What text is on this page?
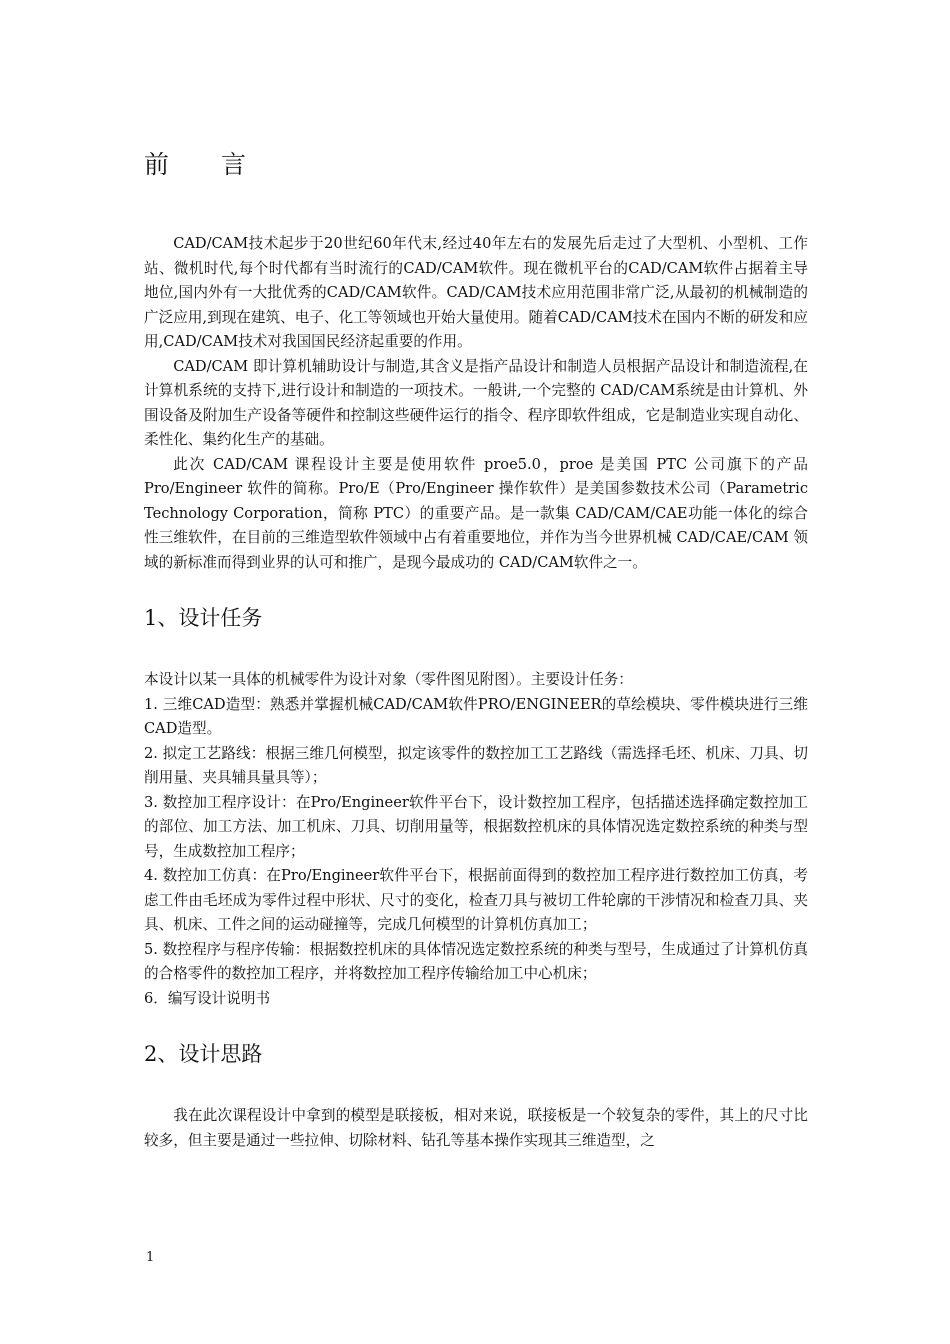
前 言

CAD/CAM技术起步于20世纪60年代末,经过40年左右的发展先后走过了大型机、小型机、工作站、微机时代,每个时代都有当时流行的CAD/CAM软件。现在微机平台的CAD/CAM软件占据着主导地位,国内外有一大批优秀的CAD/CAM软件。CAD/CAM技术应用范围非常广泛,从最初的机械制造的广泛应用,到现在建筑、电子、化工等领域也开始大量使用。随着CAD/CAM技术在国内不断的研发和应用,CAD/CAM技术对我国国民经济起重要的作用。

CAD/CAM 即计算机辅助设计与制造,其含义是指产品设计和制造人员根据产品设计和制造流程,在计算机系统的支持下,进行设计和制造的一项技术。一般讲,一个完整的 CAD/CAM系统是由计算机、外围设备及附加生产设备等硬件和控制这些硬件运行的指令、程序即软件组成，它是制造业实现自动化、柔性化、集约化生产的基础。

此次 CAD/CAM 课程设计主要是使用软件 proe5.0，proe 是美国 PTC 公司旗下的产品Pro/Engineer 软件的简称。Pro/E（Pro/Engineer 操作软件）是美国参数技术公司（Parametric Technology Corporation，简称 PTC）的重要产品。是一款集 CAD/CAM/CAE功能一体化的综合性三维软件，在目前的三维造型软件领域中占有着重要地位，并作为当今世界机械 CAD/CAE/CAM 领域的新标准而得到业界的认可和推广，是现今最成功的 CAD/CAM软件之一。

1、设计任务

本设计以某一具体的机械零件为设计对象（零件图见附图）。主要设计任务：

1. 三维CAD造型：熟悉并掌握机械CAD/CAM软件PRO/ENGINEER的草绘模块、零件模块进行三维CAD造型。
2. 拟定工艺路线：根据三维几何模型，拟定该零件的数控加工工艺路线（需选择毛坯、机床、刀具、切削用量、夹具辅具量具等）；
3. 数控加工程序设计：在Pro/Engineer软件平台下，设计数控加工程序，包括描述选择确定数控加工的部位、加工方法、加工机床、刀具、切削用量等，根据数控机床的具体情况选定数控系统的种类与型号，生成数控加工程序；
4. 数控加工仿真：在Pro/Engineer软件平台下，根据前面得到的数控加工程序进行数控加工仿真，考虑工件由毛坯成为零件过程中形状、尺寸的变化，检查刀具与被切工件轮廓的干涉情况和检查刀具、夹具、机床、工件之间的运动碰撞等，完成几何模型的计算机仿真加工；
5. 数控程序与程序传输：根据数控机床的具体情况选定数控系统的种类与型号，生成通过了计算机仿真的合格零件的数控加工程序，并将数控加工程序传输给加工中心机床；
6．编写设计说明书
2、设计思路

我在此次课程设计中拿到的模型是联接板，相对来说，联接板是一个较复杂的零件，其上的尺寸比较多，但主要是通过一些拉伸、切除材料、钻孔等基本操作实现其三维造型，之

1
